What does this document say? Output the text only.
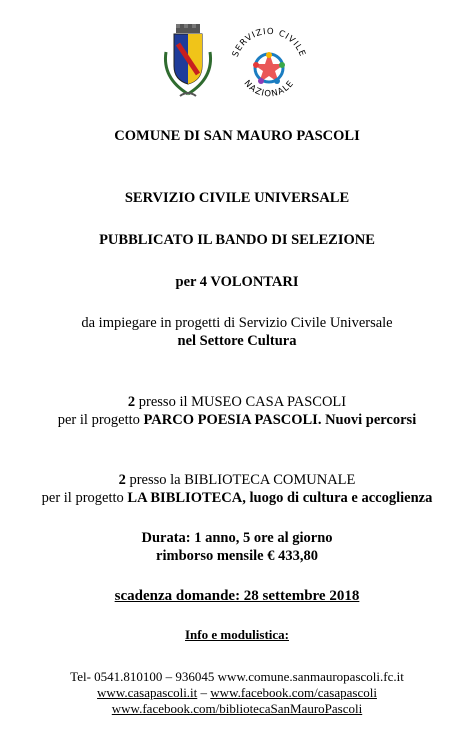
SERVIZIO CIVILE
NAZIONALE
COMUNE DI SAN MAURO PASCOLI
SERVIZIO CIVILE UNIVERSALE
PUBBLICATO IL BANDO DI SELEZIONE
per 4 VOLONTARI
da impiegare in progetti di Servizio Civile Universale
nel Settore Cultura
2 presso il MUSEO CASA PASCOLI
per il progetto PARCO POESIA PASCOLI. Nuovi percorsi
2 presso la BIBLIOTECA COMUNALE
per il progetto LA BIBLIOTECA, luogo di cultura e accoglienza
Durata: 1 anno, 5 ore al giorno
rimborso mensile € 433,80
scadenza domande: 28 settembre 2018
Info e modulistica:
Tel- 0541.810100 – 936045 www.comune.sanmauropascoli.fc.it
www.casapascoli.it – www.facebook.com/casapascoli
www.facebook.com/bibliotecaSanMauroPascoli
